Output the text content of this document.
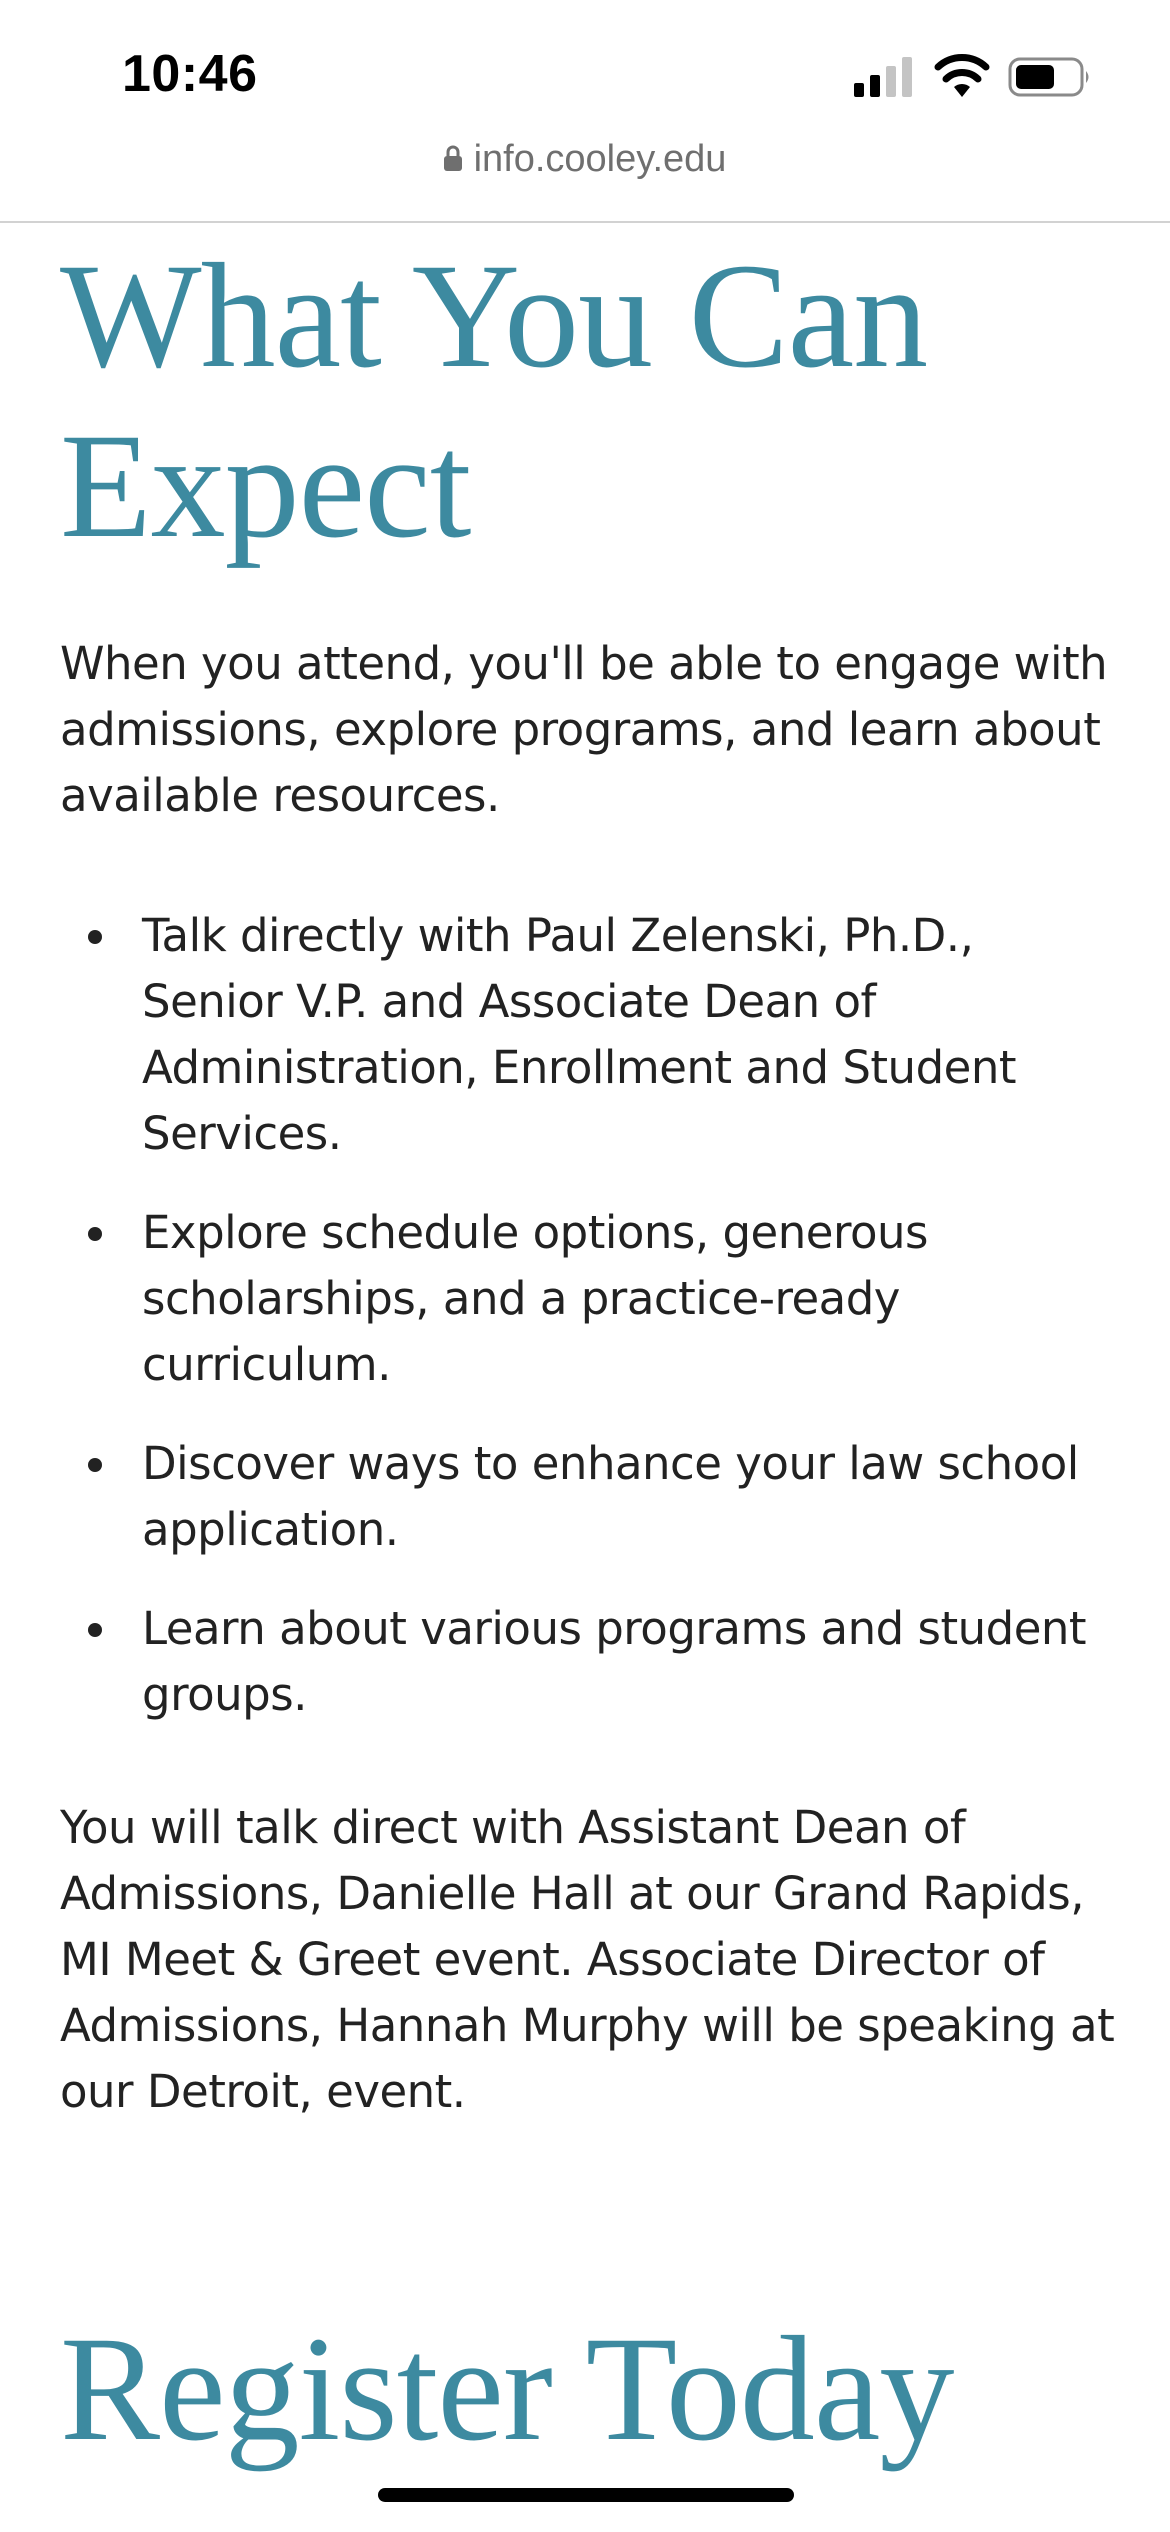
10:46
info.cooley.edu
What You Can Expect

When you attend, you'll be able to engage with admissions, explore programs, and learn about available resources.

Talk directly with Paul Zelenski, Ph.D., Senior V.P. and Associate Dean of Administration, Enrollment and Student Services.
Explore schedule options, generous scholarships, and a practice-ready curriculum.
Discover ways to enhance your law school application.
Learn about various programs and student groups.

You will talk direct with Assistant Dean of Admissions, Danielle Hall at our Grand Rapids, MI Meet & Greet event. Associate Director of Admissions, Hannah Murphy will be speaking at our Detroit, event.

Register Today
